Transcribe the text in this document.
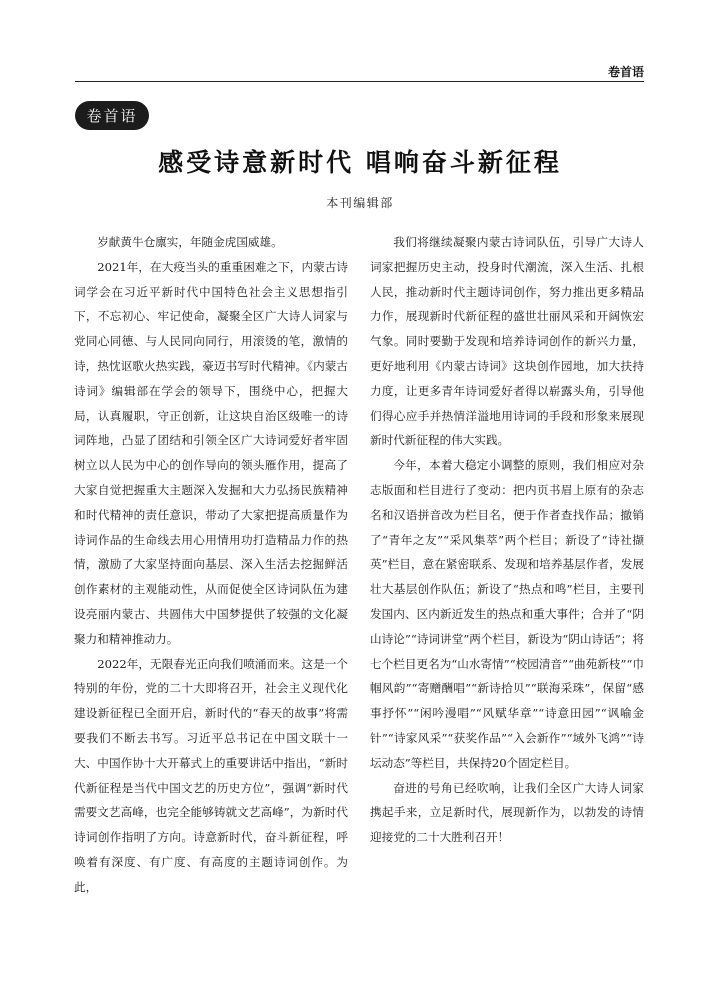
卷首语
卷首语
感受诗意新时代 唱响奋斗新征程
本刊编辑部

岁献黄牛仓廪实，年随金虎国威雄。

2021年，在大疫当头的重重困难之下，内蒙古诗词学会在习近平新时代中国特色社会主义思想指引下，不忘初心、牢记使命，凝聚全区广大诗人词家与党同心同德、与人民同向同行，用滚烫的笔，激情的诗，热忱讴歌火热实践，豪迈书写时代精神。《内蒙古诗词》编辑部在学会的领导下，围绕中心，把握大局，认真履职，守正创新，让这块自治区级唯一的诗词阵地，凸显了团结和引领全区广大诗词爱好者牢固树立以人民为中心的创作导向的领头雁作用，提高了大家自觉把握重大主题深入发掘和大力弘扬民族精神和时代精神的责任意识，带动了大家把提高质量作为诗词作品的生命线去用心用情用功打造精品力作的热情，激励了大家坚持面向基层、深入生活去挖掘鲜活创作素材的主观能动性，从而促使全区诗词队伍为建设亮丽内蒙古、共圆伟大中国梦提供了较强的文化凝聚力和精神推动力。

2022年，无限春光正向我们喷涌而来。这是一个特别的年份，党的二十大即将召开，社会主义现代化建设新征程已全面开启，新时代的“春天的故事”将需要我们不断去书写。习近平总书记在中国文联十一大、中国作协十大开幕式上的重要讲话中指出，“新时代新征程是当代中国文艺的历史方位”，强调“新时代需要文艺高峰，也完全能够铸就文艺高峰”，为新时代诗词创作指明了方向。诗意新时代，奋斗新征程，呼唤着有深度、有广度、有高度的主题诗词创作。为此，

我们将继续凝聚内蒙古诗词队伍，引导广大诗人词家把握历史主动，投身时代潮流，深入生活、扎根人民，推动新时代主题诗词创作，努力推出更多精品力作，展现新时代新征程的盛世壮丽风采和开阔恢宏气象。同时要勤于发现和培养诗词创作的新兴力量，更好地利用《内蒙古诗词》这块创作园地，加大扶持力度，让更多青年诗词爱好者得以崭露头角，引导他们得心应手并热情洋溢地用诗词的手段和形象来展现新时代新征程的伟大实践。

今年，本着大稳定小调整的原则，我们相应对杂志版面和栏目进行了变动：把内页书眉上原有的杂志名和汉语拼音改为栏目名，便于作者查找作品；撤销了“青年之友”“采风集萃”两个栏目；新设了“诗社撷英”栏目，意在紧密联系、发现和培养基层作者，发展壮大基层创作队伍；新设了“热点和鸣”栏目，主要刊发国内、区内新近发生的热点和重大事件；合并了“阴山诗论”“诗词讲堂”两个栏目，新设为“阴山诗话”；将七个栏目更名为“山水寄情”“校园清音”“曲苑新枝”“巾帼风韵”“寄赠酬唱”“新诗拾贝”“联海采珠”，保留“感事抒怀”“闲吟漫唱”“风赋华章”“诗意田园”“讽喻金针”“诗家风采”“获奖作品”“入会新作”“域外飞鸿”“诗坛动态”等栏目，共保持20个固定栏目。

奋进的号角已经吹响，让我们全区广大诗人词家携起手来，立足新时代，展现新作为，以勃发的诗情迎接党的二十大胜利召开！
